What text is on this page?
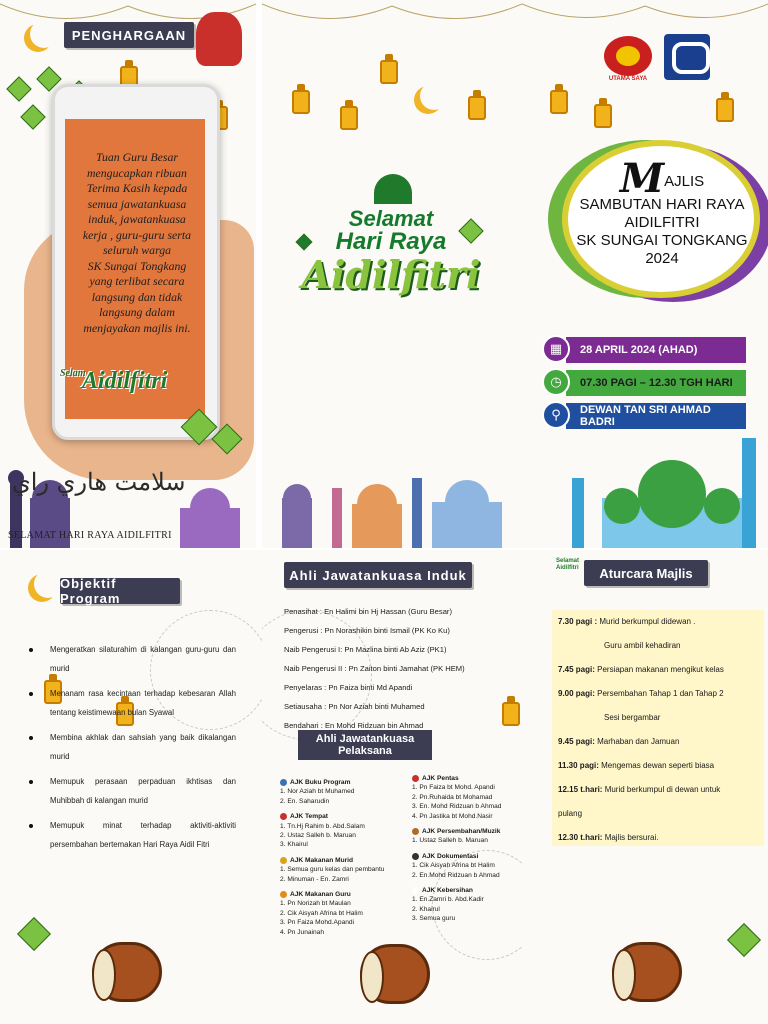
PENGHARGAAN
Tuan Guru Besar
mengucapkan ribuan
Terima Kasih kepada
semua jawatankuasa
induk, jawatankuasa
kerja , guru-guru serta
seluruh warga
SK Sungai Tongkang
yang terlibat secara
langsung dan tidak
langsung dalam
menjayakan majlis ini.
Selam
Aidilfitri
سلامت هاري راي
SELAMAT HARI RAYA AIDILFITRI
Selamat
Hari Raya
Aidilfitri
UTAMA SAYA
MAJLIS
SAMBUTAN HARI RAYA
AIDILFITRI
SK SUNGAI TONGKANG
2024
28 APRIL 2024 (AHAD)
▦
07.30 PAGI – 12.30 TGH HARI
◷
DEWAN TAN SRI AHMAD BADRI
⚲
Objektif Program
Mengeratkan silaturahim di kalangan guru-guru dan murid
Menanam rasa kecintaan terhadap kebesaran Allah tentang keistimewaan bulan Syawal
Membina akhlak dan sahsiah yang baik dikalangan murid
Memupuk perasaan perpaduan ikhtisas dan Muhibbah di kalangan murid
Memupuk minat terhadap aktiviti-aktiviti persembahan bertemakan Hari Raya Aidil Fitri
Ahli Jawatankuasa Induk
Ahli Jawatankuasa Pelaksana
Penasihat : En Halimi bin Hj Hassan (Guru Besar)
Pengerusi : Pn Norashikin binti Ismail (PK Ko Ku)
Naib Pengerusi I: Pn Mazlina binti Ab Aziz (PK1)
Naib Pengerusi II : Pn Zaiton binti Jamahat (PK HEM)
Penyelaras : Pn Faiza binti Md Apandi
Setiausaha : Pn Nor Aziah binti Muhamed
Bendahari : En Mohd Ridzuan bin Ahmad
AJK Buku Program
1. Nor Aziah bt Muhamed
2. En. Saharudin
AJK Tempat
1. Tn.Hj Rahim b. Abd.Salam
2. Ustaz Salleh b. Maruan
3. Khairul
AJK Makanan Murid
1. Semua guru kelas dan pembantu
2. Minuman - En. Zamri
AJK Makanan Guru
1. Pn Norizah bt Maulan
2. Cik Aisyah Afrina bt Halim
3. Pn Faiza Mohd.Apandi
4. Pn Junainah
AJK Pentas
1. Pn Faiza bt Mohd. Apandi
2. Pn.Ruhaida bt Mohamad
3. En. Mohd Ridzuan b Ahmad
4. Pn Jastika bt Mohd.Nasir
AJK Persembahan/Muzik
1. Ustaz Salleh b. Maruan
AJK Dokumentasi
1. Cik Aisyah Afrina bt Halim
2. En.Mohd Ridzuan b Ahmad
AJK Kebersihan
1. En.Zamri b. Abd.Kadir
2. Khairul
3. Semua guru
Aturcara Majlis
Selamat Aidilfitri
7.30 pagi : Murid berkumpul didewan .
Guru ambil kehadiran
7.45 pagi: Persiapan makanan mengikut kelas
9.00 pagi: Persembahan Tahap 1 dan Tahap 2
Sesi bergambar
9.45 pagi: Marhaban dan Jamuan
11.30 pagi: Mengemas dewan seperti biasa
12.15 t.hari: Murid berkumpul di dewan untuk
pulang
12.30 t.hari: Majlis bersurai.
